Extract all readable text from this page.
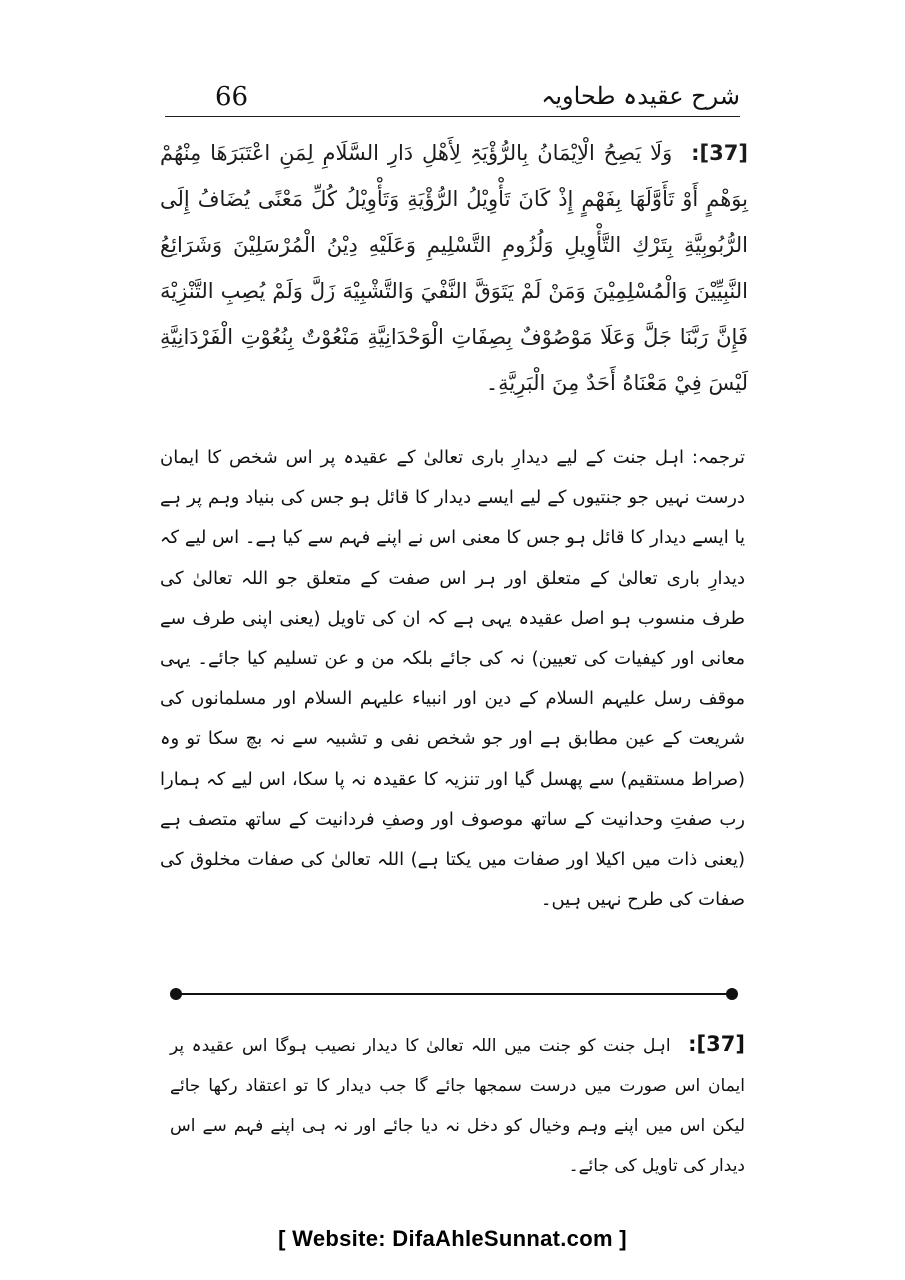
66	شرح عقیدہ طحاویہ
[37]: وَلَا یَصِحُ الْاِیْمَانُ بِالرُّؤْیَۃِ لِأَھْلِ دَارِ السَّلَامِ لِمَنِ اعْتَبَرَھَا مِنْھُمْ بِوَھْمٍ أَوْ تَأَوَّلَھَا بِفَھْمٍ إِذْ كَانَ تَأْوِيْلُ الرُّؤْيَةِ وَتَأْوِيْلُ كُلِّ مَعْنًى يُضَافُ إِلَى الرُّبُوبِيَّةِ بِتَرْكِ التَّأْوِيلِ وَلُزُومِ التَّسْلِيمِ وَعَلَيْهِ دِيْنُ الْمُرْسَلِيْنَ وَشَرَائِعُ النَّبِيِّيْنَ وَالْمُسْلِمِيْنَ وَمَنْ لَمْ يَتَوَقَّ النَّفْيَ وَالتَّشْبِيْهَ زَلَّ وَلَمْ يُصِبِ التَّنْزِيْهَ فَإِنَّ رَبَّنَا جَلَّ وَعَلَا مَوْصُوْفٌ بِصِفَاتِ الْوَحْدَانِيَّةِ مَنْعُوْتٌ بِنُعُوْتِ الْفَرْدَانِيَّةِ لَيْسَ فِيْ مَعْنَاهُ أَحَدٌ مِنَ الْبَرِيَّةِ۔
ترجمہ: اہل جنت کے لیے دیدارِ باری تعالیٰ کے عقیدہ پر اس شخص کا ایمان درست نہیں جو جنتیوں کے لیے ایسے دیدار کا قائل ہو جس کی بنیاد وہم پر ہے یا ایسے دیدار کا قائل ہو جس کا معنی اس نے اپنے فہم سے کیا ہے۔ اس لیے کہ دیدارِ باری تعالیٰ کے متعلق اور ہر اس صفت کے متعلق جو اللہ تعالیٰ کی طرف منسوب ہو اصل عقیدہ یہی ہے کہ ان کی تاویل (یعنی اپنی طرف سے معانی اور کیفیات کی تعیین) نہ کی جائے بلکہ من و عن تسلیم کیا جائے۔ یہی موقف رسل علیہم السلام کے دین اور انبیاء علیہم السلام اور مسلمانوں کی شریعت کے عین مطابق ہے اور جو شخص نفی و تشبیہ سے نہ بچ سکا تو وہ (صراط مستقیم) سے پھسل گیا اور تنزیہ کا عقیدہ نہ پا سکا، اس لیے کہ ہمارا رب صفتِ وحدانیت کے ساتھ موصوف اور وصفِ فردانیت کے ساتھ متصف ہے (یعنی ذات میں اکیلا اور صفات میں یکتا ہے) اللہ تعالیٰ کی صفات مخلوق کی صفات کی طرح نہیں ہیں۔
[37]: اہل جنت کو جنت میں اللہ تعالیٰ کا دیدار نصیب ہوگا اس عقیدہ پر ایمان اس صورت میں درست سمجھا جائے گا جب دیدار کا تو اعتقاد رکھا جائے لیکن اس میں اپنے وہم وخیال کو دخل نہ دیا جائے اور نہ ہی اپنے فہم سے اس دیدار کی تاویل کی جائے۔
[ Website: DifaAhleSunnat.com ]
